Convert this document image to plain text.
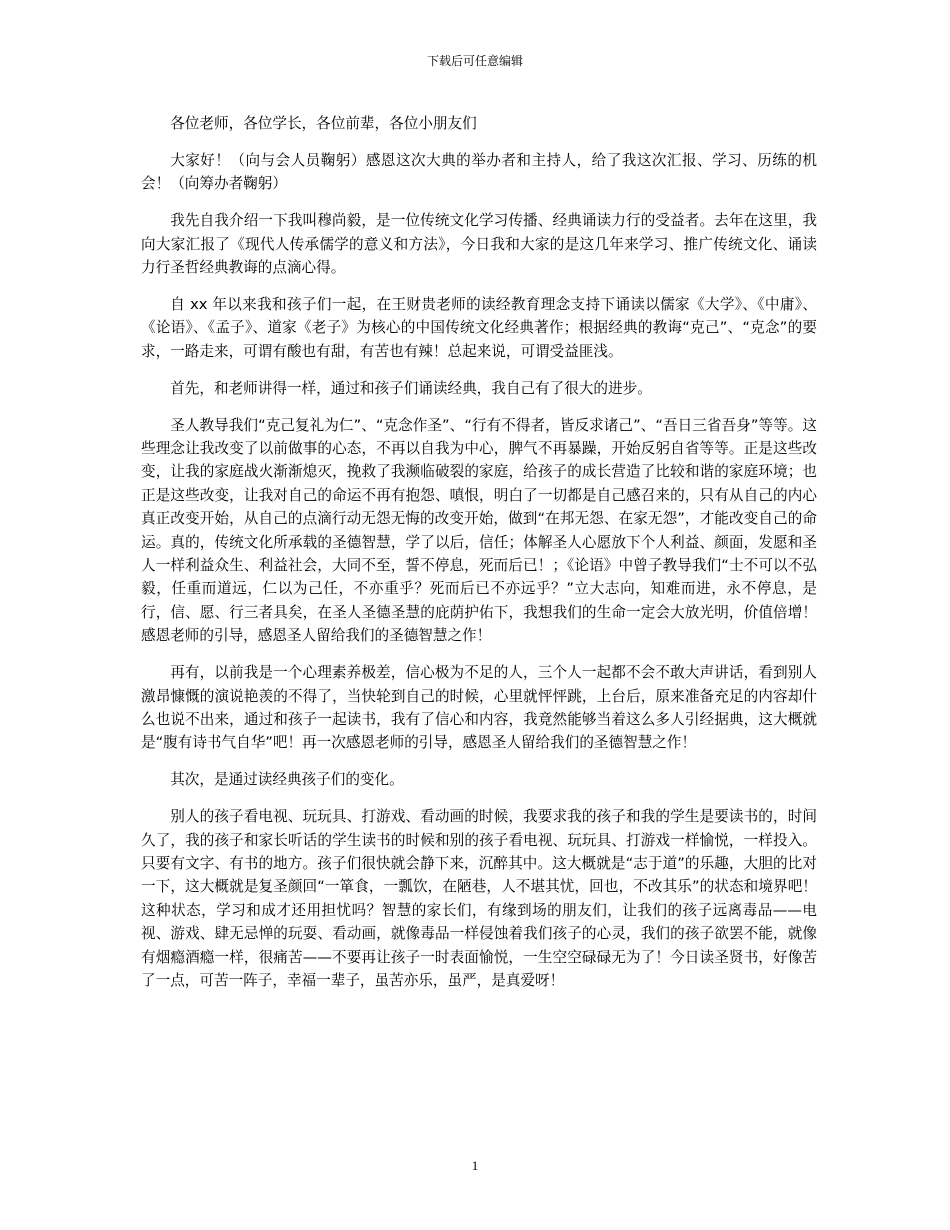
下载后可任意编辑

各位老师，各位学长，各位前辈，各位小朋友们

大家好！（向与会人员鞠躬）感恩这次大典的举办者和主持人，给了我这次汇报、学习、历练的机会！（向筹办者鞠躬）

我先自我介绍一下我叫穆尚毅，是一位传统文化学习传播、经典诵读力行的受益者。去年在这里，我向大家汇报了《现代人传承儒学的意义和方法》，今日我和大家的是这几年来学习、推广传统文化、诵读力行圣哲经典教诲的点滴心得。

自 xx 年以来我和孩子们一起，在王财贵老师的读经教育理念支持下诵读以儒家《大学》、《中庸》、《论语》、《孟子》、道家《老子》为核心的中国传统文化经典著作；根据经典的教诲“克己”、“克念”的要求，一路走来，可谓有酸也有甜，有苦也有辣！总起来说，可谓受益匪浅。

首先，和老师讲得一样，通过和孩子们诵读经典，我自己有了很大的进步。

圣人教导我们“克己复礼为仁”、“克念作圣”、“行有不得者，皆反求诸己”、“吾日三省吾身”等等。这些理念让我改变了以前做事的心态，不再以自我为中心，脾气不再暴躁，开始反躬自省等等。正是这些改变，让我的家庭战火渐渐熄灭，挽救了我濒临破裂的家庭，给孩子的成长营造了比较和谐的家庭环境；也正是这些改变，让我对自己的命运不再有抱怨、嗔恨，明白了一切都是自己感召来的，只有从自己的内心真正改变开始，从自己的点滴行动无怨无悔的改变开始，做到“在邦无怨、在家无怨”，才能改变自己的命运。真的，传统文化所承载的圣德智慧，学了以后，信任；体解圣人心愿放下个人利益、颜面，发愿和圣人一样利益众生、利益社会，大同不至，誓不停息，死而后已！；《论语》中曾子教导我们“士不可以不弘毅，任重而道远，仁以为己任，不亦重乎？死而后已不亦远乎？”立大志向，知难而进，永不停息，是行，信、愿、行三者具矣，在圣人圣德圣慧的庇荫护佑下，我想我们的生命一定会大放光明，价值倍增！感恩老师的引导，感恩圣人留给我们的圣德智慧之作！

再有，以前我是一个心理素养极差，信心极为不足的人，三个人一起都不会不敢大声讲话，看到别人激昂慷慨的演说艳羡的不得了，当快轮到自己的时候，心里就怦怦跳，上台后，原来准备充足的内容却什么也说不出来，通过和孩子一起读书，我有了信心和内容，我竟然能够当着这么多人引经据典，这大概就是“腹有诗书气自华”吧！再一次感恩老师的引导，感恩圣人留给我们的圣德智慧之作！

其次，是通过读经典孩子们的变化。

别人的孩子看电视、玩玩具、打游戏、看动画的时候，我要求我的孩子和我的学生是要读书的，时间久了，我的孩子和家长听话的学生读书的时候和别的孩子看电视、玩玩具、打游戏一样愉悦，一样投入。只要有文字、有书的地方。孩子们很快就会静下来，沉醉其中。这大概就是“志于道”的乐趣，大胆的比对一下，这大概就是复圣颜回“一箪食，一瓢饮，在陋巷，人不堪其忧，回也，不改其乐”的状态和境界吧！这种状态，学习和成才还用担忧吗？智慧的家长们，有缘到场的朋友们，让我们的孩子远离毒品——电视、游戏、肆无忌惮的玩耍、看动画，就像毒品一样侵蚀着我们孩子的心灵，我们的孩子欲罢不能，就像有烟瘾酒瘾一样，很痛苦——不要再让孩子一时表面愉悦，一生空空碌碌无为了！今日读圣贤书，好像苦了一点，可苦一阵子，幸福一辈子，虽苦亦乐，虽严，是真爱呀！

1
